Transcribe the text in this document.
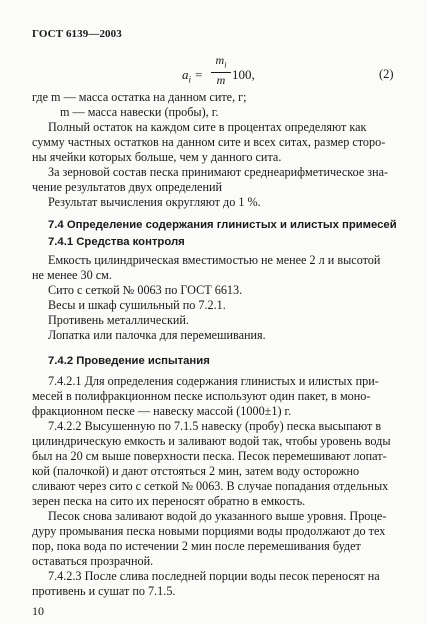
ГОСТ 6139—2003
$a_i = \frac{m_i}{m} 100$,	(2)
где m — масса остатка на данном сите, г;
m — масса навески (пробы), г.
Полный остаток на каждом сите в процентах определяют как
сумму частных остатков на данном сите и всех ситах, размер сторо-
ны ячейки которых больше, чем у данного сита.
За зерновой состав песка принимают среднеарифметическое зна-
чение результатов двух определений
Результат вычисления округляют до 1 %.
7.4 Определение содержания глинистых и илистых примесей
7.4.1 Средства контроля
Емкость цилиндрическая вместимостью не менее 2 л и высотой
не менее 30 см.
Сито с сеткой № 0063 по ГОСТ 6613.
Весы и шкаф сушильный по 7.2.1.
Противень металлический.
Лопатка или палочка для перемешивания.
7.4.2 Проведение испытания
7.4.2.1 Для определения содержания глинистых и илистых при-
месей в полифракционном песке используют один пакет, в моно-
фракционном песке — навеску массой (1000±1) г.
7.4.2.2 Высушенную по 7.1.5 навеску (пробу) песка высыпают в
цилиндрическую емкость и заливают водой так, чтобы уровень воды
был на 20 см выше поверхности песка. Песок перемешивают лопат-
кой (палочкой) и дают отстояться 2 мин, затем воду осторожно
сливают через сито с сеткой № 0063. В случае попадания отдельных
зерен песка на сито их переносят обратно в емкость.
Песок снова заливают водой до указанного выше уровня. Проце-
дуру промывания песка новыми порциями воды продолжают до тех
пор, пока вода по истечении 2 мин после перемешивания будет
оставаться прозрачной.
7.4.2.3 После слива последней порции воды песок переносят на
противень и сушат по 7.1.5.
10
